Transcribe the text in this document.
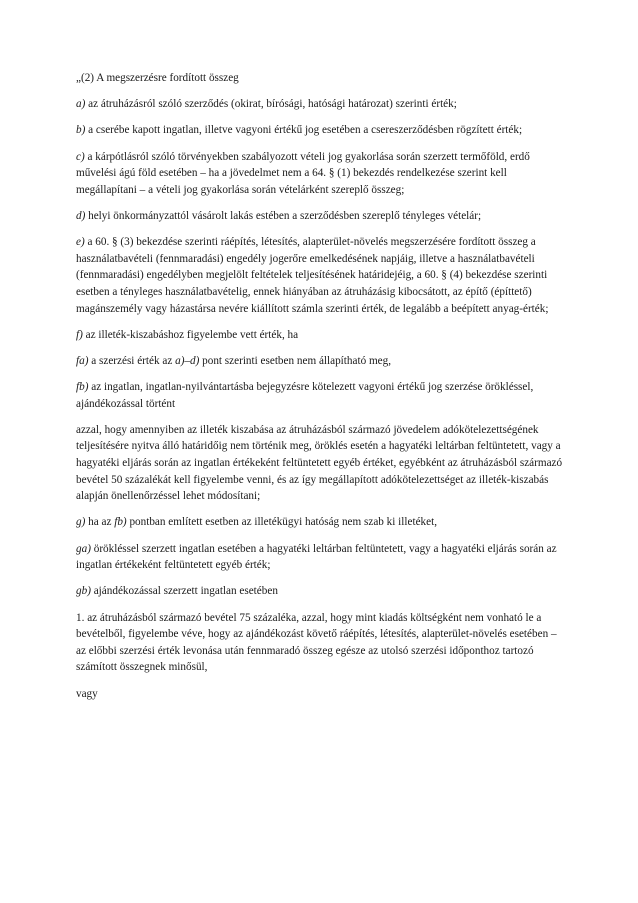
„(2) A megszerzésre fordított összeg

a) az átruházásról szóló szerződés (okirat, bírósági, hatósági határozat) szerinti érték;

b) a cserébe kapott ingatlan, illetve vagyoni értékű jog esetében a csereszerződésben rögzített érték;

c) a kárpótlásról szóló törvényekben szabályozott vételi jog gyakorlása során szerzett termőföld, erdő művelési ágú föld esetében – ha a jövedelmet nem a 64. § (1) bekezdés rendelkezése szerint kell megállapítani – a vételi jog gyakorlása során vételárként szereplő összeg;

d) helyi önkormányzattól vásárolt lakás estében a szerződésben szereplő tényleges vételár;

e) a 60. § (3) bekezdése szerinti ráépítés, létesítés, alapterület-növelés megszerzésére fordított összeg a használatbavételi (fennmaradási) engedély jogerőre emelkedésének napjáig, illetve a használatbavételi (fennmaradási) engedélyben megjelölt feltételek teljesítésének határidejéig, a 60. § (4) bekezdése szerinti esetben a tényleges használatbavételig, ennek hiányában az átruházásig kibocsátott, az építő (építtető) magánszemély vagy házastársa nevére kiállított számla szerinti érték, de legalább a beépített anyag-érték;

f) az illeték-kiszabáshoz figyelembe vett érték, ha

fa) a szerzési érték az a)–d) pont szerinti esetben nem állapítható meg,

fb) az ingatlan, ingatlan-nyilvántartásba bejegyzésre kötelezett vagyoni értékű jog szerzése örökléssel, ajándékozással történt

azzal, hogy amennyiben az illeték kiszabása az átruházásból származó jövedelem adókötelezettségének teljesítésére nyitva álló határidőig nem történik meg, öröklés esetén a hagyatéki leltárban feltüntetett, vagy a hagyatéki eljárás során az ingatlan értékeként feltüntetett egyéb értéket, egyébként az átruházásból származó bevétel 50 százalékát kell figyelembe venni, és az így megállapított adókötelezettséget az illeték-kiszabás alapján önellenőrzéssel lehet módosítani;

g) ha az fb) pontban említett esetben az illetékügyi hatóság nem szab ki illetéket,

ga) örökléssel szerzett ingatlan esetében a hagyatéki leltárban feltüntetett, vagy a hagyatéki eljárás során az ingatlan értékeként feltüntetett egyéb érték;

gb) ajándékozással szerzett ingatlan esetében

1. az átruházásból származó bevétel 75 százaléka, azzal, hogy mint kiadás költségként nem vonható le a bevételből, figyelembe véve, hogy az ajándékozást követő ráépítés, létesítés, alapterület-növelés esetében – az előbbi szerzési érték levonása után fennmaradó összeg egésze az utolsó szerzési időponthoz tartozó számított összegnek minősül,

vagy
